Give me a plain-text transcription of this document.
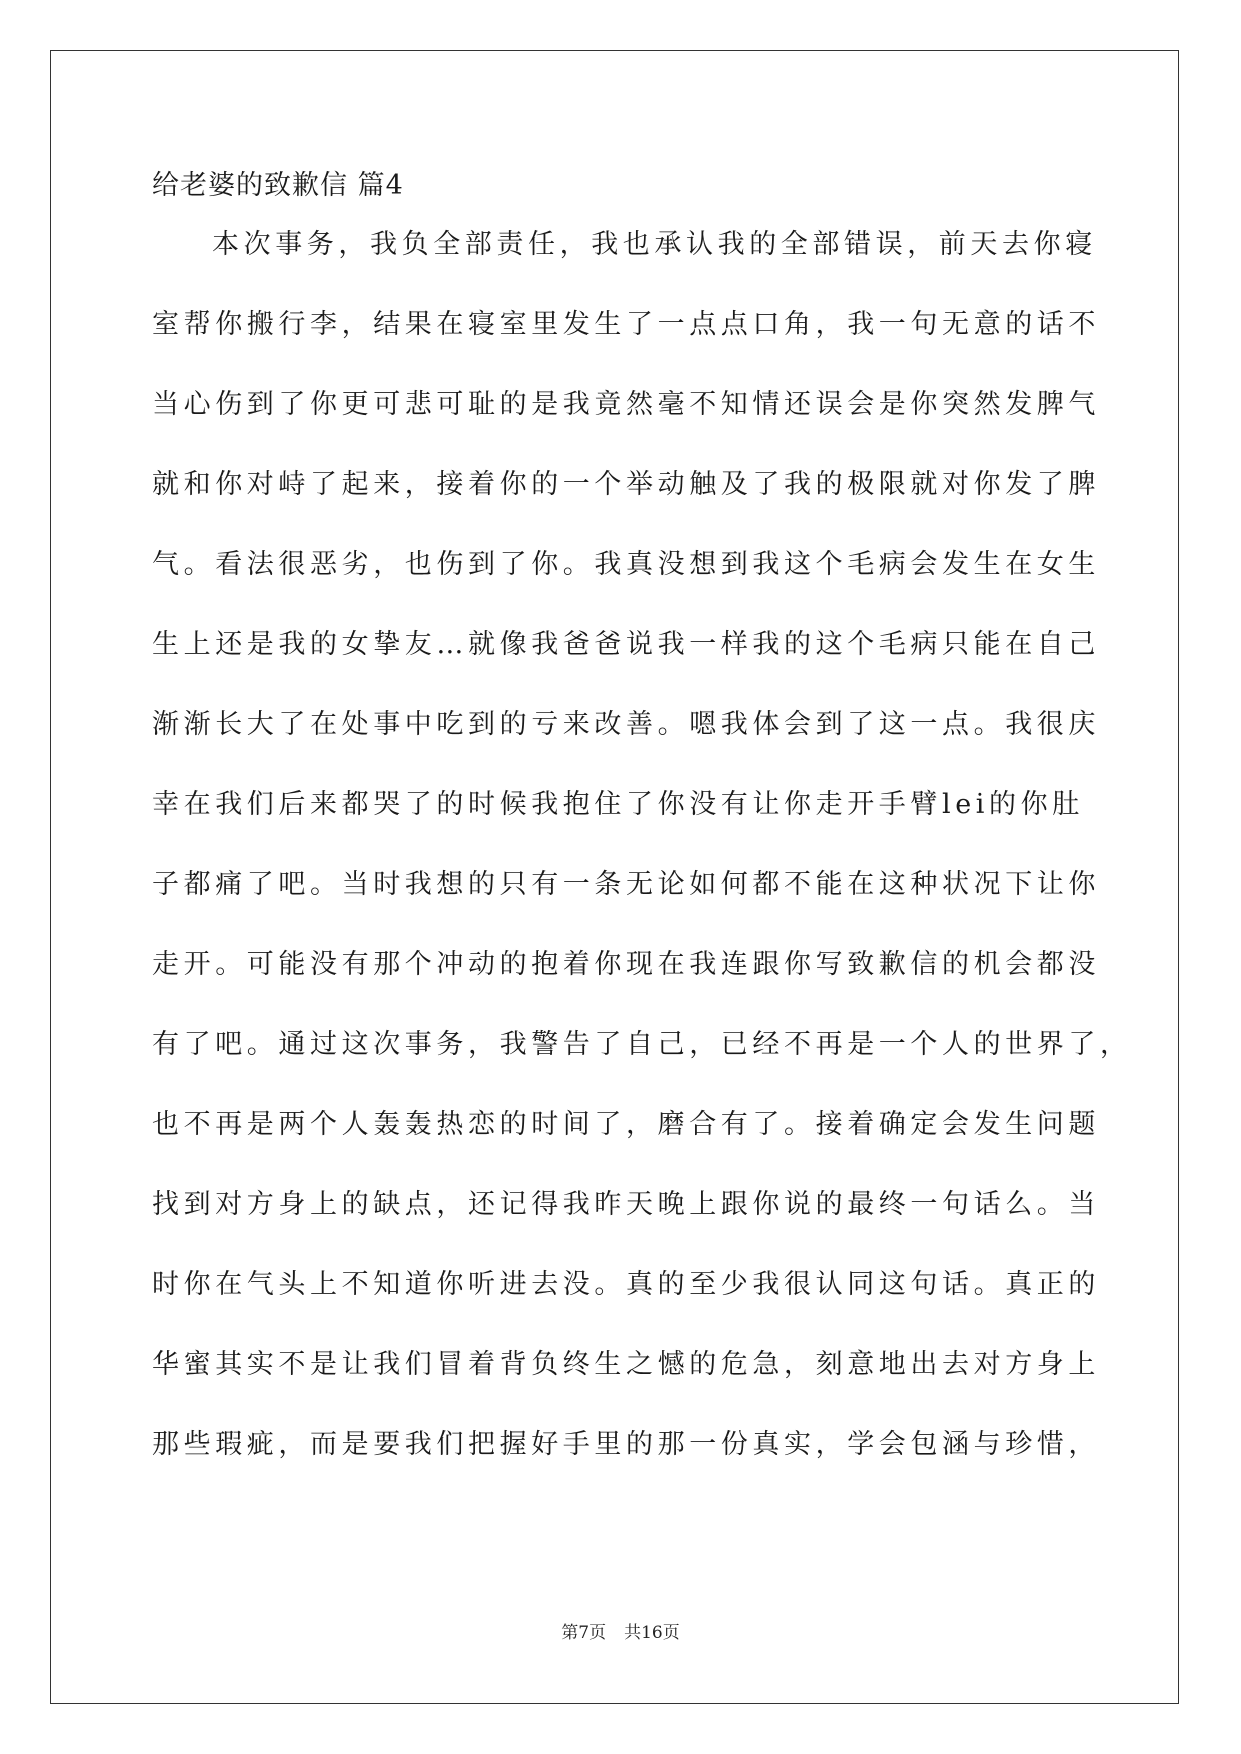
给老婆的致歉信 篇4
本次事务，我负全部责任，我也承认我的全部错误，前天去你寝
室帮你搬行李，结果在寝室里发生了一点点口角，我一句无意的话不
当心伤到了你更可悲可耻的是我竟然毫不知情还误会是你突然发脾气
就和你对峙了起来，接着你的一个举动触及了我的极限就对你发了脾
气。看法很恶劣，也伤到了你。我真没想到我这个毛病会发生在女生
生上还是我的女挚友…就像我爸爸说我一样我的这个毛病只能在自己
渐渐长大了在处事中吃到的亏来改善。嗯我体会到了这一点。我很庆
幸在我们后来都哭了的时候我抱住了你没有让你走开手臂lei的你肚
子都痛了吧。当时我想的只有一条无论如何都不能在这种状况下让你
走开。可能没有那个冲动的抱着你现在我连跟你写致歉信的机会都没
有了吧。通过这次事务，我警告了自己，已经不再是一个人的世界了，
也不再是两个人轰轰热恋的时间了，磨合有了。接着确定会发生问题
找到对方身上的缺点，还记得我昨天晚上跟你说的最终一句话么。当
时你在气头上不知道你听进去没。真的至少我很认同这句话。真正的
华蜜其实不是让我们冒着背负终生之憾的危急，刻意地出去对方身上
那些瑕疵，而是要我们把握好手里的那一份真实，学会包涵与珍惜，
第7页 共16页
